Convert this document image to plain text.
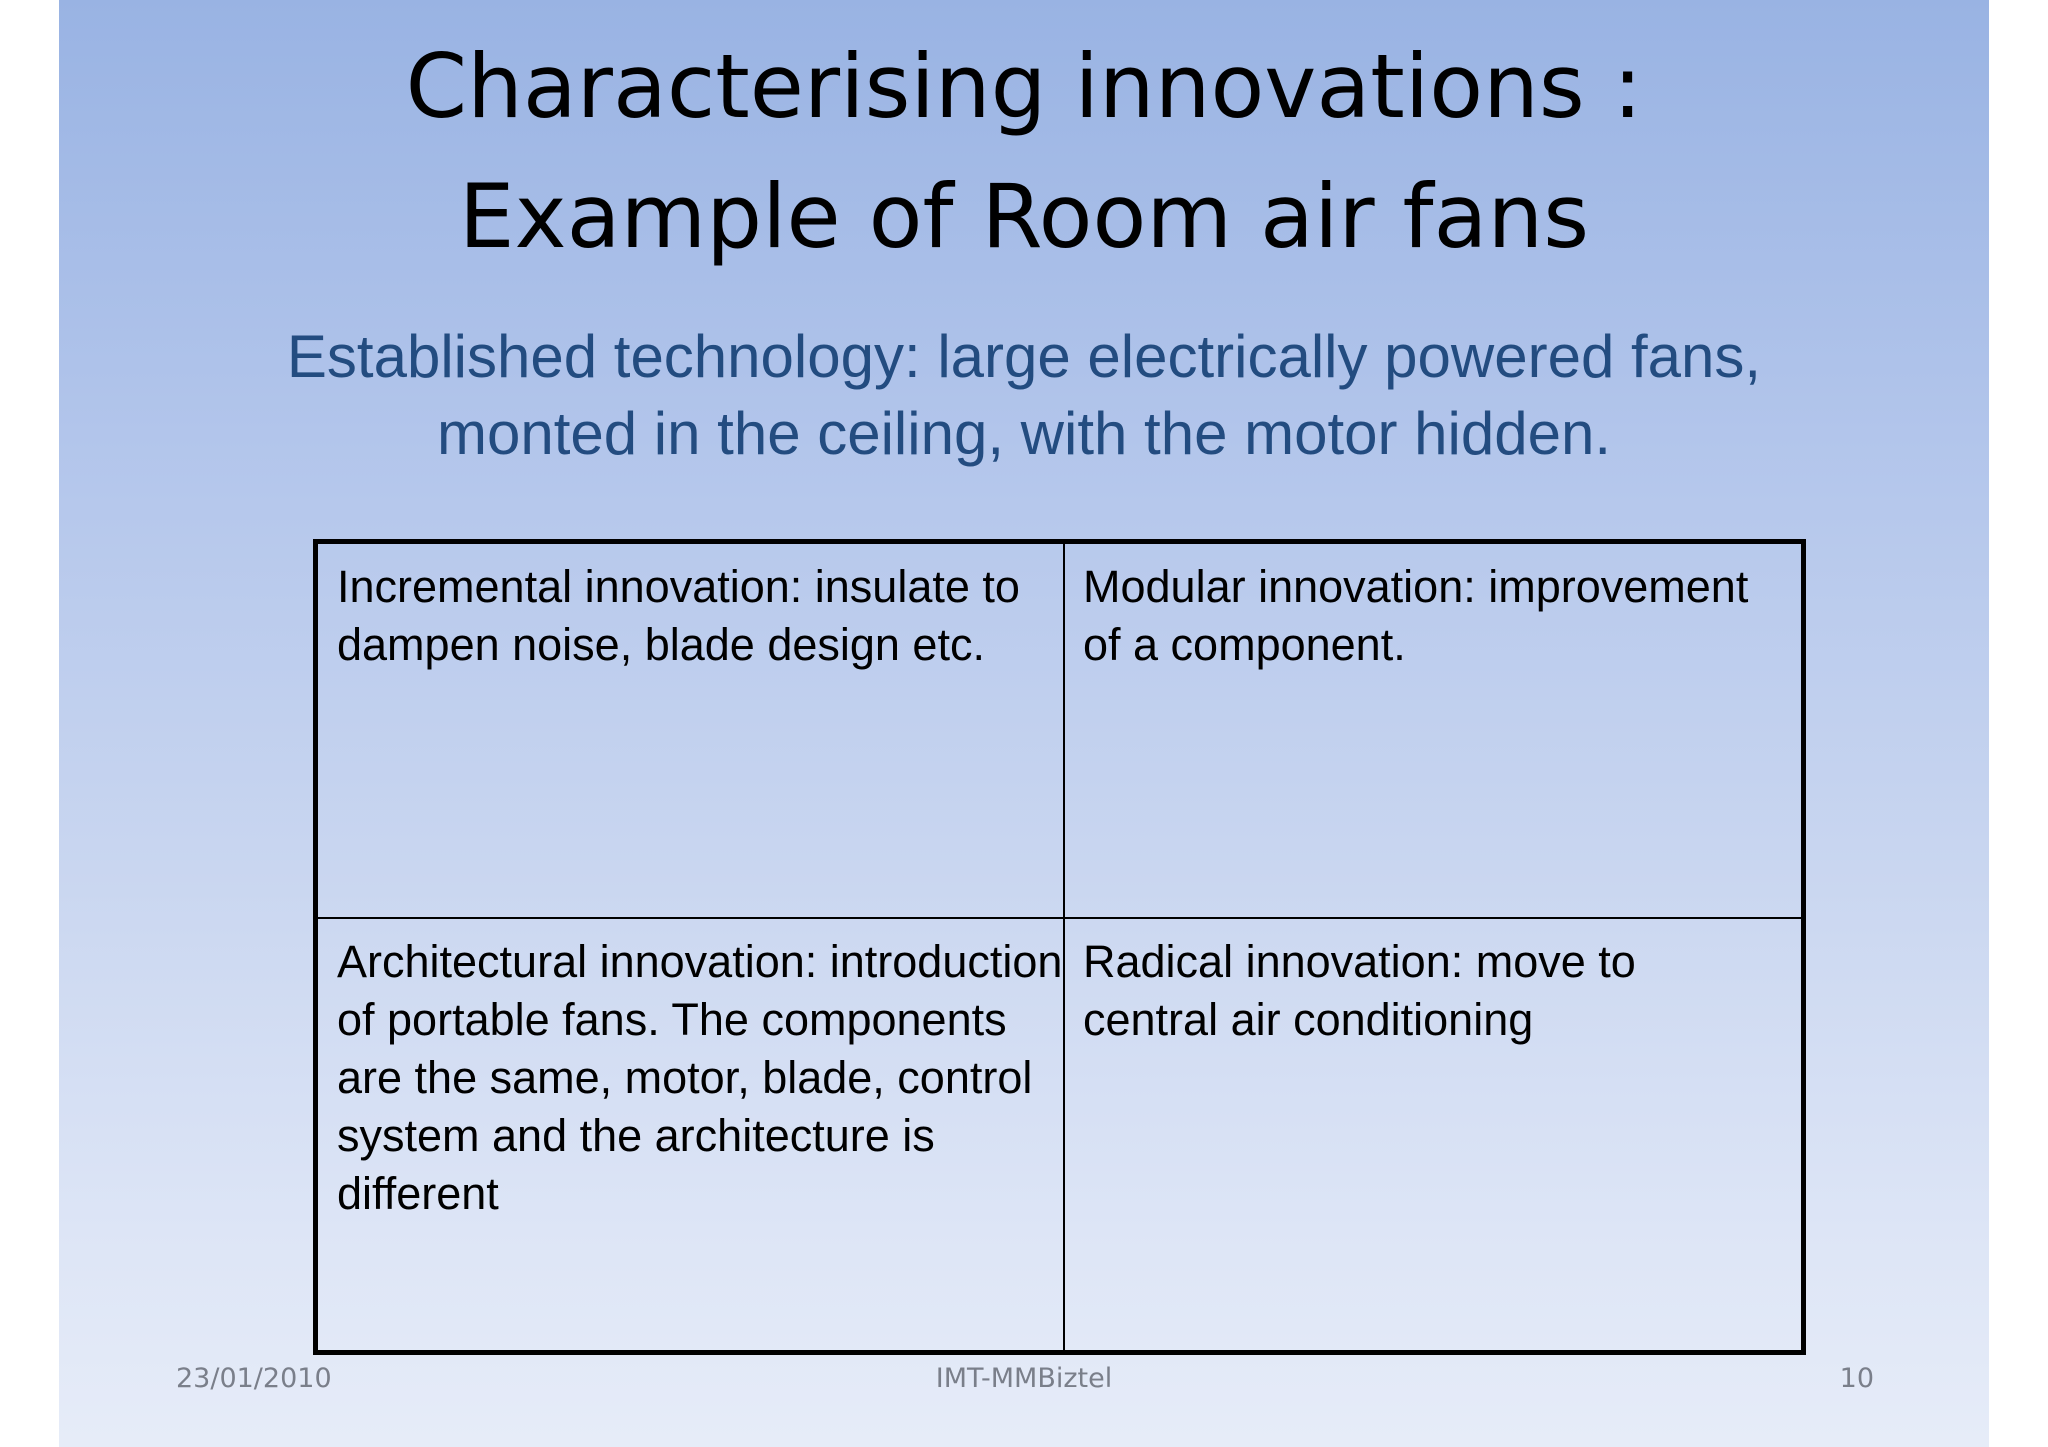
Characterising innovations :
Example of Room air fans
Established technology: large electrically powered fans, monted in the ceiling, with the motor hidden.
Incremental innovation: insulate to dampen noise, blade design etc.
Modular innovation: improvement of a component.
Architectural innovation: introduction of portable fans. The components are the same, motor, blade, control system and the architecture is different
Radical innovation: move to central air conditioning
23/01/2010	IMT-MMBiztel	10
